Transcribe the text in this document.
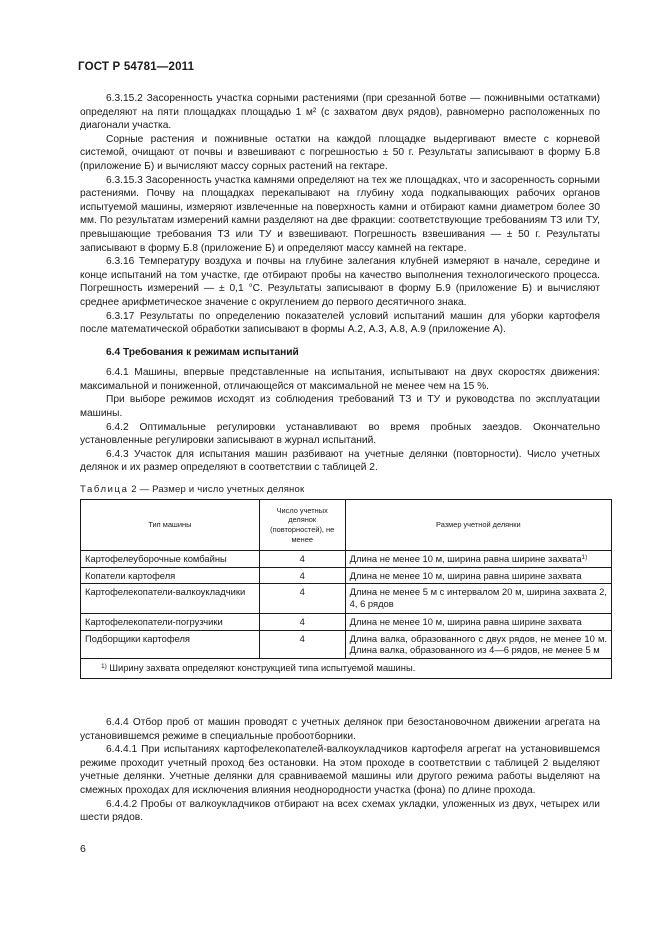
ГОСТ Р 54781—2011

6.3.15.2 Засоренность участка сорными растениями (при срезанной ботве — пожнивными остатками) определяют на пяти площадках площадью 1 м² (с захватом двух рядов), равномерно расположенных по диагонали участка.

Сорные растения и пожнивные остатки на каждой площадке выдергивают вместе с корневой системой, очищают от почвы и взвешивают с погрешностью ± 50 г. Результаты записывают в форму Б.8 (приложение Б) и вычисляют массу сорных растений на гектаре.

6.3.15.3 Засоренность участка камнями определяют на тех же площадках, что и засоренность сорными растениями. Почву на площадках перекапывают на глубину хода подкапывающих рабочих органов испытуемой машины, измеряют извлеченные на поверхность камни и отбирают камни диаметром более 30 мм. По результатам измерений камни разделяют на две фракции: соответствующие требованиям ТЗ или ТУ, превышающие требования ТЗ или ТУ и взвешивают. Погрешность взвешивания — ± 50 г. Результаты записывают в форму Б.8 (приложение Б) и определяют массу камней на гектаре.

6.3.16 Температуру воздуха и почвы на глубине залегания клубней измеряют в начале, середине и конце испытаний на том участке, где отбирают пробы на качество выполнения технологического процесса. Погрешность измерений — ± 0,1 °С. Результаты записывают в форму Б.9 (приложение Б) и вычисляют среднее арифметическое значение с округлением до первого десятичного знака.

6.3.17 Результаты по определению показателей условий испытаний машин для уборки картофеля после математической обработки записывают в формы А.2, А.3, А.8, А.9 (приложение А).

6.4 Требования к режимам испытаний

6.4.1 Машины, впервые представленные на испытания, испытывают на двух скоростях движения: максимальной и пониженной, отличающейся от максимальной не менее чем на 15 %.

При выборе режимов исходят из соблюдения требований ТЗ и ТУ и руководства по эксплуатации машины.

6.4.2 Оптимальные регулировки устанавливают во время пробных заездов. Окончательно установленные регулировки записывают в журнал испытаний.

6.4.3 Участок для испытания машин разбивают на учетные делянки (повторности). Число учетных делянок и их размер определяют в соответствии с таблицей 2.

Таблица 2 — Размер и число учетных делянок
Тип машины	Число учетных делянок (повторностей), не менее	Размер учетной делянки
Картофелеуборочные комбайны	4	Длина не менее 10 м, ширина равна ширине захвата$^{1)}$
Копатели картофеля	4	Длина не менее 10 м, ширина равна ширине захвата
Картофелекопатели-валкоукладчики	4	Длина не менее 5 м с интервалом 20 м, ширина захвата 2, 4, 6 рядов
Картофелекопатели-погрузчики	4	Длина не менее 10 м, ширина равна ширине захвата
Подборщики картофеля	4	Длина валка, образованного с двух рядов, не менее 10 м. Длина валка, образованного из 4—6 рядов, не менее 5 м
$^{1)}$ Ширину захвата определяют конструкцией типа испытуемой машины.		

6.4.4 Отбор проб от машин проводят с учетных делянок при безостановочном движении агрегата на установившемся режиме в специальные пробоотборники.

6.4.4.1 При испытаниях картофелекопателей-валкоукладчиков картофеля агрегат на установившемся режиме проходит учетный проход без остановки. На этом проходе в соответствии с таблицей 2 выделяют учетные делянки. Учетные делянки для сравниваемой машины или другого режима работы выделяют на смежных проходах для исключения влияния неоднородности участка (фона) по длине прохода.

6.4.4.2 Пробы от валкоукладчиков отбирают на всех схемах укладки, уложенных из двух, четырех или шести рядов.

6
